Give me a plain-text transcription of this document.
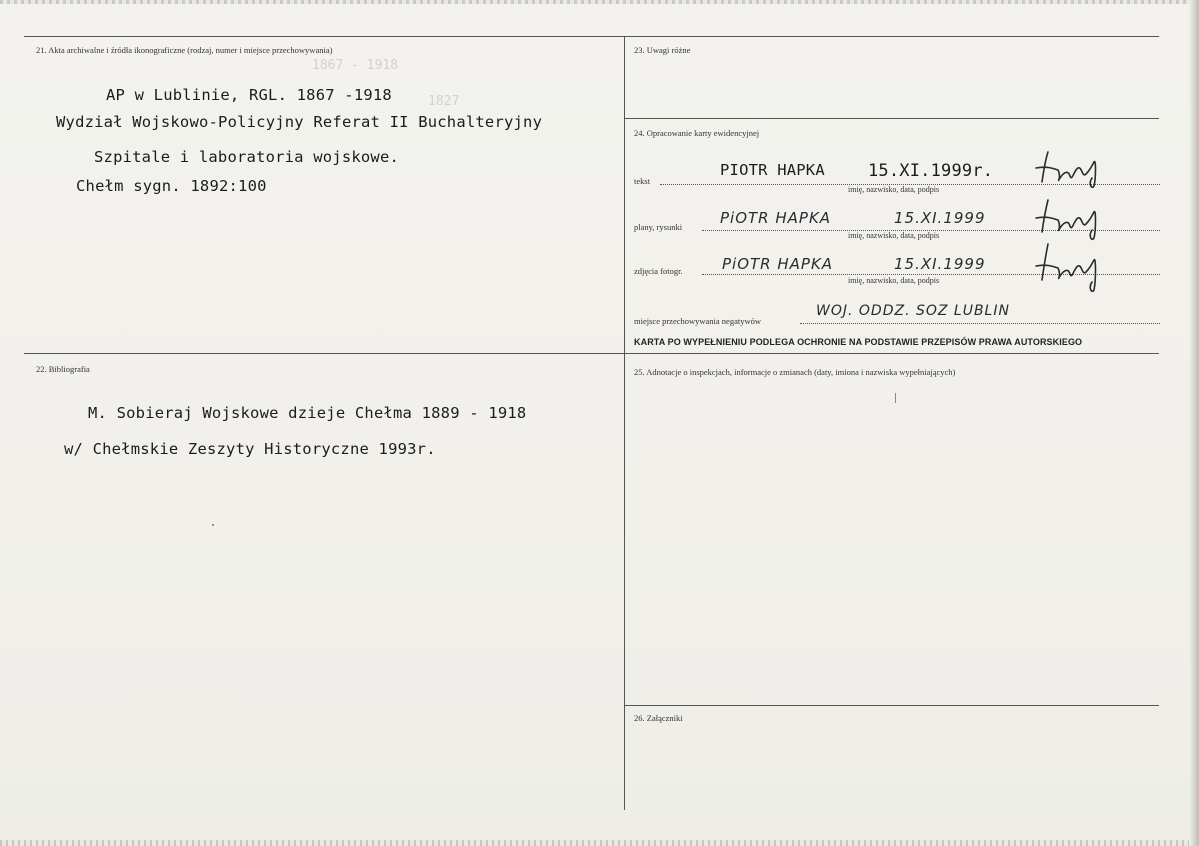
21. Akta archiwalne i źródła ikonograficzne (rodzaj, numer i miejsce przechowywania)
1867 - 1918
1827
AP w Lublinie, RGL. 1867 -1918
Wydział Wojskowo-Policyjny Referat II Buchalteryjny
Szpitale i laboratoria wojskowe.
Chełm sygn. 1892:100
22. Bibliografia
M. Sobieraj Wojskowe dzieje Chełma 1889 - 1918
w/ Chełmskie Zeszyty Historyczne 1993r.
23. Uwagi różne
24. Opracowanie karty ewidencyjnej
tekst
PIOTR HAPKA	15.XI.1999r.
imię, nazwisko, data, podpis
plany, rysunki	PiOTR HAPKA	15.XI.1999
imię, nazwisko, data, podpis
zdjęcia fotogr.	PiOTR HAPKA	15.XI.1999
imię, nazwisko, data, podpis
miejsce przechowywania negatywów
WOJ. ODDZ. SOZ LUBLIN
KARTA PO WYPEŁNIENIU PODLEGA OCHRONIE NA PODSTAWIE PRZEPISÓW PRAWA AUTORSKIEGO
25. Adnotacje o inspekcjach, informacje o zmianach (daty, imiona i nazwiska wypełniających)
26. Załączniki
